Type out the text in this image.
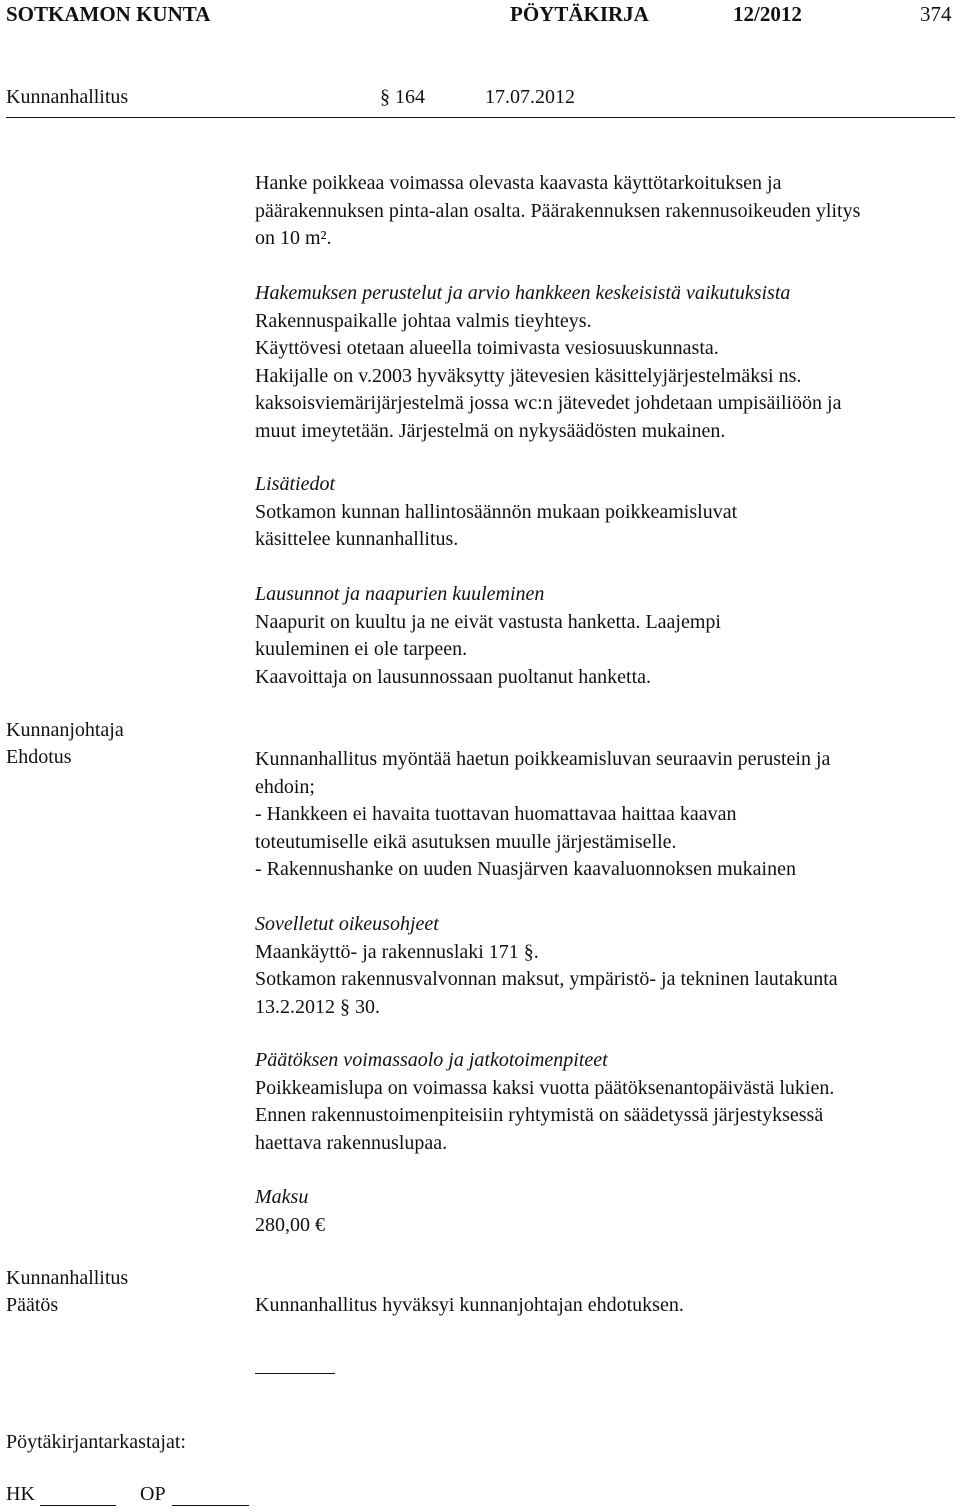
SOTKAMON KUNTA	PÖYTÄKIRJA	12/2012	374
Kunnanhallitus	§ 164	17.07.2012

Hanke poikkeaa voimassa olevasta kaavasta käyttötarkoituksen ja

päärakennuksen pinta-alan osalta. Päärakennuksen rakennusoikeuden ylitys

on 10 m².

Hakemuksen perustelut ja arvio hankkeen keskeisistä vaikutuksista

Rakennuspaikalle johtaa valmis tieyhteys.

Käyttövesi otetaan alueella toimivasta vesiosuuskunnasta.

Hakijalle on v.2003 hyväksytty jätevesien käsittelyjärjestelmäksi ns.

kaksoisviemärijärjestelmä jossa wc:n jätevedet johdetaan umpisäiliöön ja

muut imeytetään. Järjestelmä on nykysäädösten mukainen.

Lisätiedot

Sotkamon kunnan hallintosäännön mukaan poikkeamisluvat

käsittelee kunnanhallitus.

Lausunnot ja naapurien kuuleminen

Naapurit on kuultu ja ne eivät vastusta hanketta. Laajempi

kuuleminen ei ole tarpeen.

Kaavoittaja on lausunnossaan puoltanut hanketta.

Kunnanjohtaja
Ehdotus	Kunnanhallitus myöntää haetun poikkeamisluvan seuraavin perustein ja

ehdoin;

- Hankkeen ei havaita tuottavan huomattavaa haittaa kaavan

toteutumiselle eikä asutuksen muulle järjestämiselle.

- Rakennushanke on uuden Nuasjärven kaavaluonnoksen mukainen

Sovelletut oikeusohjeet

Maankäyttö- ja rakennuslaki 171 §.

Sotkamon rakennusvalvonnan maksut, ympäristö- ja tekninen lautakunta

13.2.2012 § 30.

Päätöksen voimassaolo ja jatkotoimenpiteet

Poikkeamislupa on voimassa kaksi vuotta päätöksenantopäivästä lukien.

Ennen rakennustoimenpiteisiin ryhtymistä on säädetyssä järjestyksessä

haettava rakennuslupaa.

Maksu

280,00 €

Kunnanhallitus
Päätös	Kunnanhallitus hyväksyi kunnanjohtajan ehdotuksen.
Pöytäkirjantarkastajat:
HK	OP
